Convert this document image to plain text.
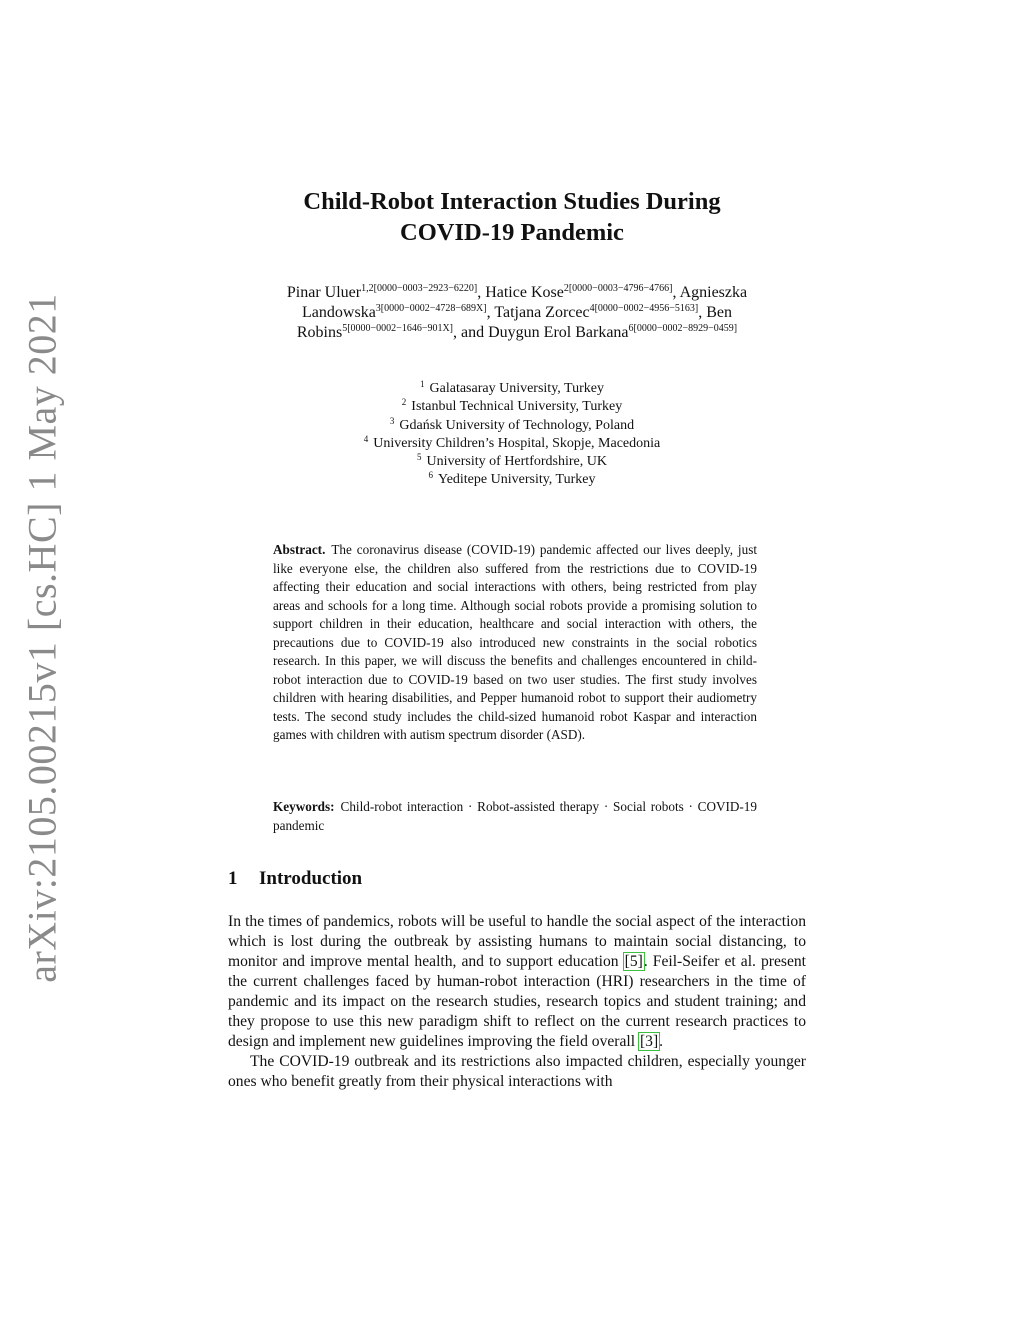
arXiv:2105.00215v1 [cs.HC] 1 May 2021
Child-Robot Interaction Studies During
COVID-19 Pandemic
Pinar Uluer$^{1,2[0000-0003-2923-6220]}$, Hatice Kose$^{2[0000-0003-4796-4766]}$, Agnieszka Landowska$^{3[0000-0002-4728-689X]}$, Tatjana Zorcec$^{4[0000-0002-4956-5163]}$, Ben Robins$^{5[0000-0002-1646-901X]}$, and Duygun Erol Barkana$^{6[0000-0002-8929-0459]}$
$^1$ Galatasaray University, Turkey
$^2$ Istanbul Technical University, Turkey
$^3$ Gdańsk University of Technology, Poland
$^4$ University Children’s Hospital, Skopje, Macedonia
$^5$ University of Hertfordshire, UK
$^6$ Yeditepe University, Turkey
Abstract. The coronavirus disease (COVID-19) pandemic affected our lives deeply, just like everyone else, the children also suffered from the restrictions due to COVID-19 affecting their education and social interactions with others, being restricted from play areas and schools for a long time. Although social robots provide a promising solution to support children in their education, healthcare and social interaction with others, the precautions due to COVID-19 also introduced new constraints in the social robotics research. In this paper, we will discuss the benefits and challenges encountered in child-robot interaction due to COVID-19 based on two user studies. The first study involves children with hearing disabilities, and Pepper humanoid robot to support their audiometry tests. The second study includes the child-sized humanoid robot Kaspar and interaction games with children with autism spectrum disorder (ASD).
Keywords: Child-robot interaction · Robot-assisted therapy · Social robots · COVID-19 pandemic
1 Introduction

In the times of pandemics, robots will be useful to handle the social aspect of the interaction which is lost during the outbreak by assisting humans to maintain social distancing, to monitor and improve mental health, and to support education [5]. Feil-Seifer et al. present the current challenges faced by human-robot interaction (HRI) researchers in the time of pandemic and its impact on the research studies, research topics and student training; and they propose to use this new paradigm shift to reflect on the current research practices to design and implement new guidelines improving the field overall [3].

The COVID-19 outbreak and its restrictions also impacted children, especially younger ones who benefit greatly from their physical interactions with
